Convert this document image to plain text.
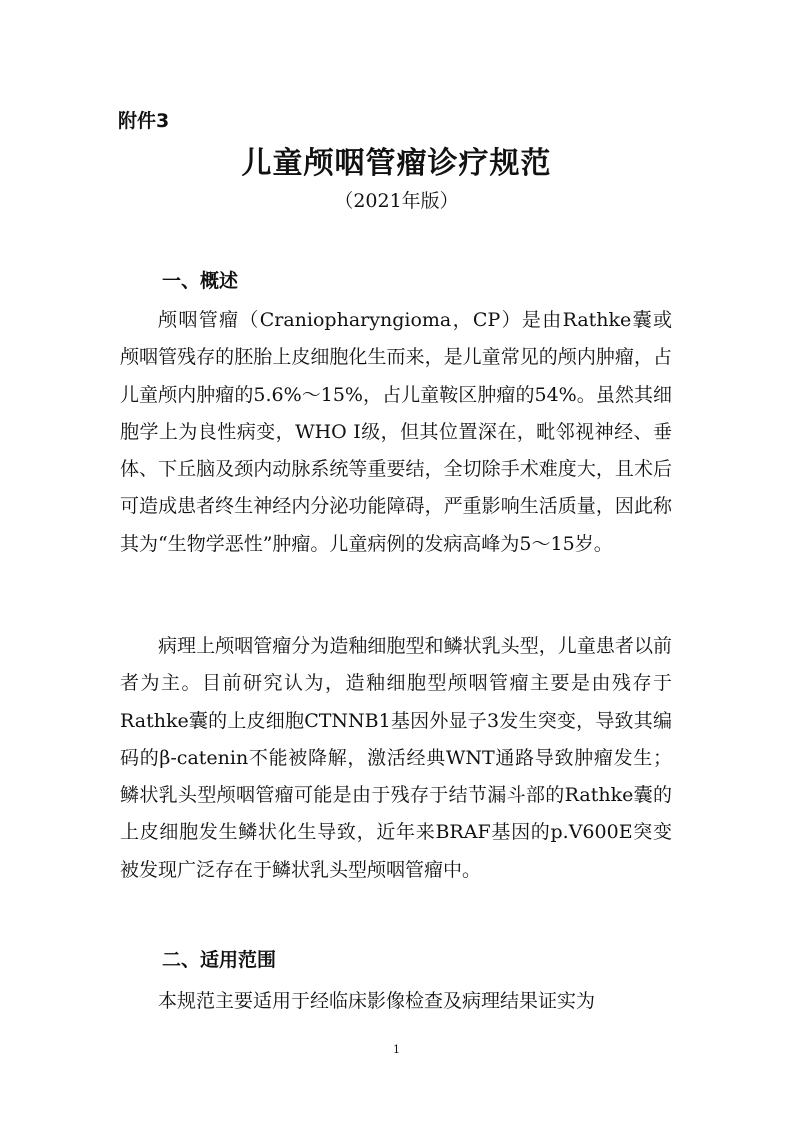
附件3
儿童颅咽管瘤诊疗规范
（2021年版）
一、概述

颅咽管瘤（Craniopharyngioma，CP）是由Rathke囊或颅咽管残存的胚胎上皮细胞化生而来，是儿童常见的颅内肿瘤，占儿童颅内肿瘤的5.6%～15%，占儿童鞍区肿瘤的54%。虽然其细胞学上为良性病变，WHO I级，但其位置深在，毗邻视神经、垂体、下丘脑及颈内动脉系统等重要结，全切除手术难度大，且术后可造成患者终生神经内分泌功能障碍，严重影响生活质量，因此称其为“生物学恶性”肿瘤。儿童病例的发病高峰为5～15岁。

病理上颅咽管瘤分为造釉细胞型和鳞状乳头型，儿童患者以前者为主。目前研究认为，造釉细胞型颅咽管瘤主要是由残存于Rathke囊的上皮细胞CTNNB1基因外显子3发生突变，导致其编码的β-catenin不能被降解，激活经典WNT通路导致肿瘤发生；鳞状乳头型颅咽管瘤可能是由于残存于结节漏斗部的Rathke囊的上皮细胞发生鳞状化生导致，近年来BRAF基因的p.V600E突变被发现广泛存在于鳞状乳头型颅咽管瘤中。

二、适用范围

本规范主要适用于经临床影像检查及病理结果证实为

1
